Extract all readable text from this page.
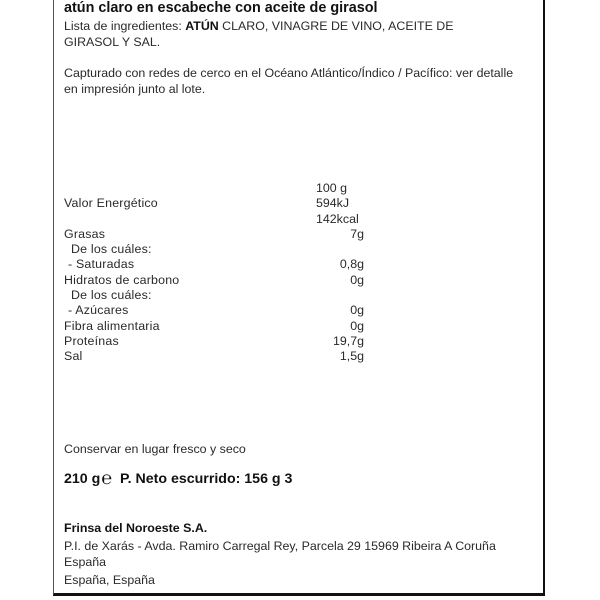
atún claro en escabeche con aceite de girasol
Lista de ingredientes: ATÚN CLARO, VINAGRE DE VINO, ACEITE DE
GIRASOL Y SAL.
Capturado con redes de cerco en el Océano Atlántico/Índico / Pacífico: ver detalle
en impresión junto al lote.
100 g
Valor Energético	594kJ
142kcal
Grasas	7g
De los cuáles:
- Saturadas	0,8g
Hidratos de carbono	0g
De los cuáles:
- Azúcares	0g
Fibra alimentaria	0g
Proteínas	19,7g
Sal	1,5g
Conservar en lugar fresco y seco
210 g℮ P. Neto escurrido: 156 g 3
Frinsa del Noroeste S.A.
P.I. de Xarás - Avda. Ramiro Carregal Rey, Parcela 29 15969 Ribeira A Coruña
España
España, España
